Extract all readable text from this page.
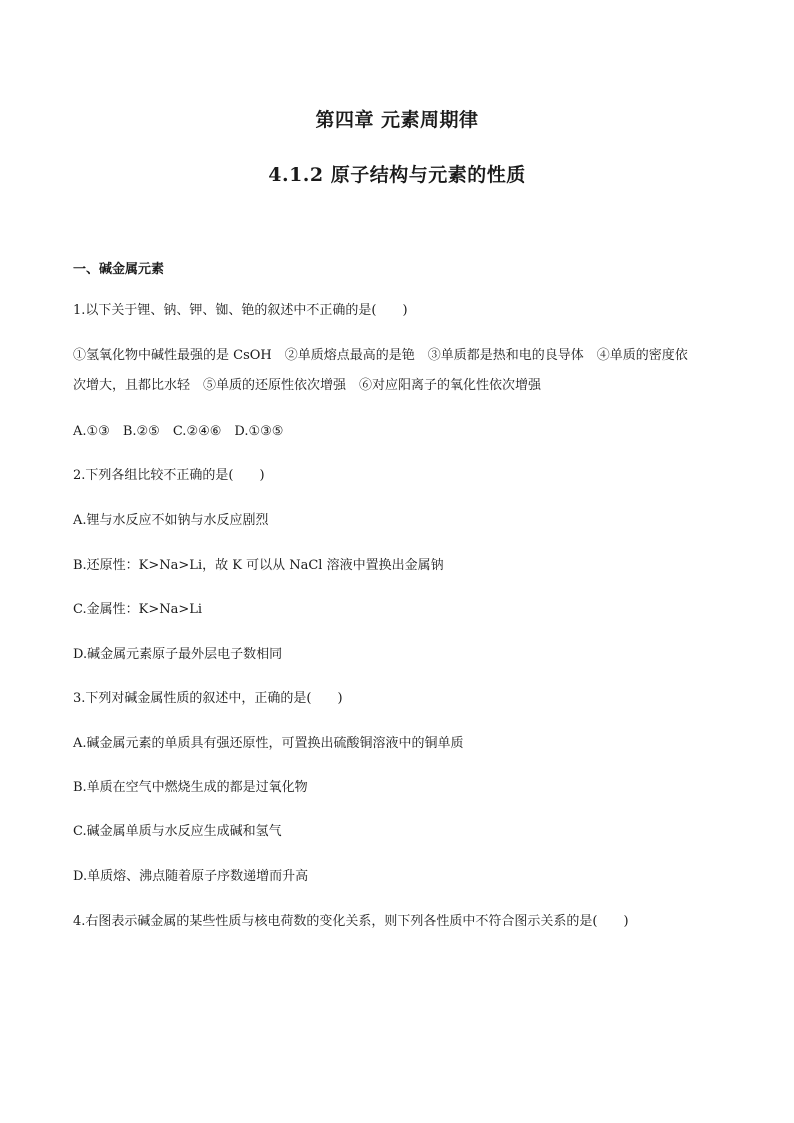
第四章 元素周期律
4.1.2 原子结构与元素的性质
一、碱金属元素
1.以下关于锂、钠、钾、铷、铯的叙述中不正确的是(　　)
①氢氧化物中碱性最强的是 CsOH　②单质熔点最高的是铯　③单质都是热和电的良导体　④单质的密度依
次增大，且都比水轻　⑤单质的还原性依次增强　⑥对应阳离子的氧化性依次增强
A.①③　B.②⑤　C.②④⑥　D.①③⑤
2.下列各组比较不正确的是(　　)
A.锂与水反应不如钠与水反应剧烈
B.还原性：K>Na>Li，故 K 可以从 NaCl 溶液中置换出金属钠
C.金属性：K>Na>Li
D.碱金属元素原子最外层电子数相同
3.下列对碱金属性质的叙述中，正确的是(　　)
A.碱金属元素的单质具有强还原性，可置换出硫酸铜溶液中的铜单质
B.单质在空气中燃烧生成的都是过氧化物
C.碱金属单质与水反应生成碱和氢气
D.单质熔、沸点随着原子序数递增而升高
4.右图表示碱金属的某些性质与核电荷数的变化关系，则下列各性质中不符合图示关系的是(　　)
